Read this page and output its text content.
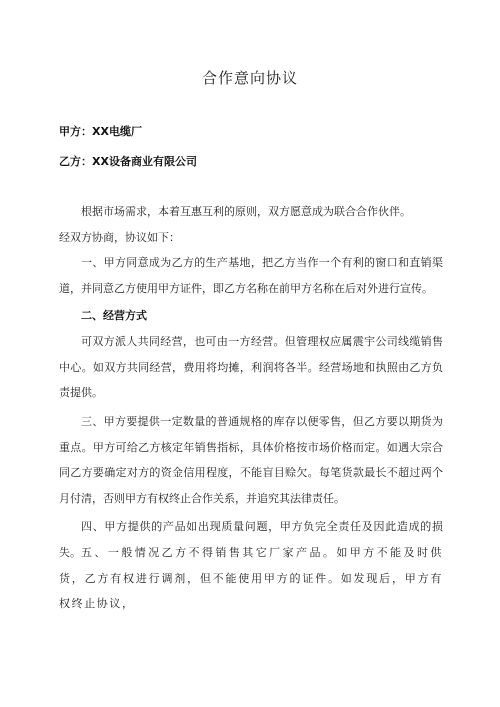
合作意向协议
甲方：XX电缆厂
乙方：XX设备商业有限公司
根据市场需求，本着互惠互利的原则，双方愿意成为联合合作伙伴。
经双方协商，协议如下：
一、甲方同意成为乙方的生产基地，把乙方当作一个有利的窗口和直销渠道，并同意乙方使用甲方证件，即乙方名称在前甲方名称在后对外进行宣传。
二、经营方式
可双方派人共同经营，也可由一方经营。但管理权应属震宇公司线缆销售中心。如双方共同经营，费用将均摊，利润将各半。经营场地和执照由乙方负责提供。
三、甲方要提供一定数量的普通规格的库存以便零售，但乙方要以期货为重点。甲方可给乙方核定年销售指标，具体价格按市场价格而定。如遇大宗合同乙方要确定对方的资金信用程度，不能盲目赊欠。每笔货款最长不超过两个月付清，否则甲方有权终止合作关系，并追究其法律责任。
四、甲方提供的产品如出现质量问题，甲方负完全责任及因此造成的损失。 五、一般情况乙方不得销售其它厂家产品。如甲方不能及时供货，乙方有权进行调剂，但不能使用甲方的证件。如发现后，甲方有权终止协议，
